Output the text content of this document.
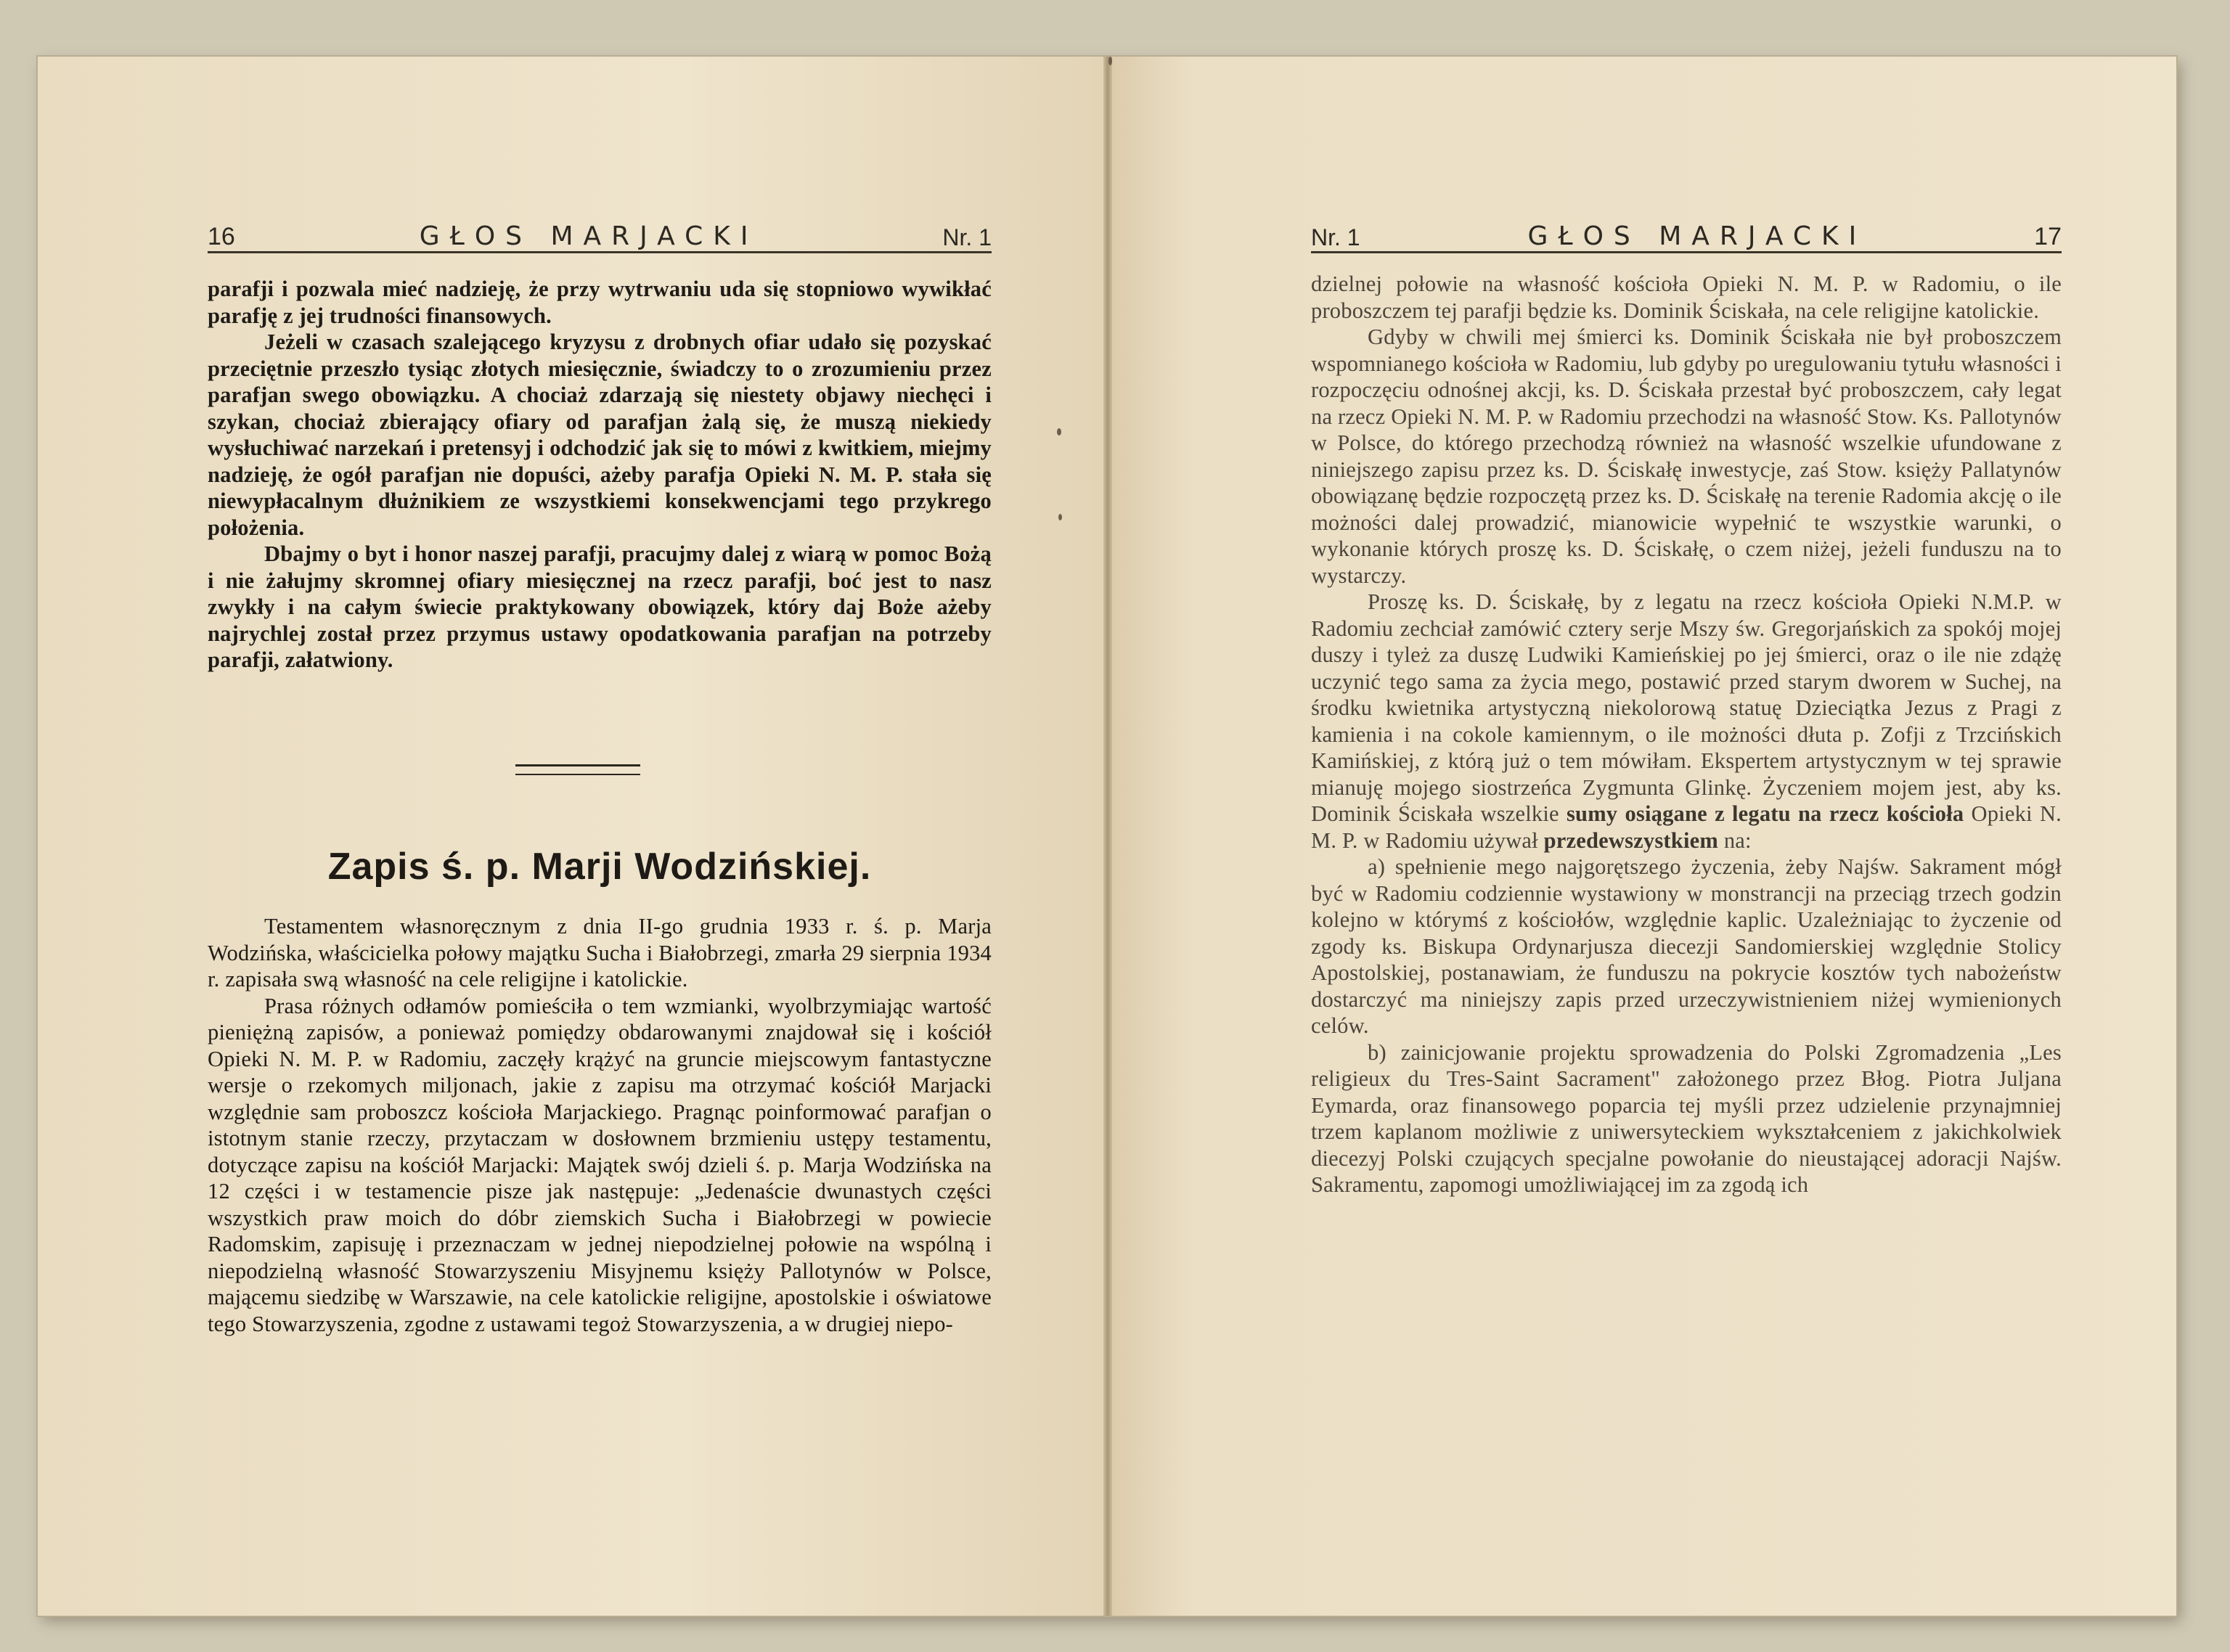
16	GŁOS MARJACKI	Nr. 1

parafji i pozwala mieć nadzieję, że przy wytrwaniu uda się stopniowo wywikłać parafję z jej trudności finansowych.

Jeżeli w czasach szalejącego kryzysu z drobnych ofiar udało się pozyskać przeciętnie przeszło tysiąc złotych miesięcznie, świadczy to o zrozumieniu przez parafjan swego obowiązku. A chociaż zdarzają się niestety objawy niechęci i szykan, chociaż zbierający ofiary od parafjan żalą się, że muszą niekiedy wysłuchiwać narzekań i pretensyj i odchodzić jak się to mówi z kwitkiem, miejmy nadzieję, że ogół parafjan nie dopuści, ażeby parafja Opieki N. M. P. stała się niewypłacalnym dłużnikiem ze wszystkiemi konsekwencjami tego przykrego położenia.

Dbajmy o byt i honor naszej parafji, pracujmy dalej z wiarą w pomoc Bożą i nie żałujmy skromnej ofiary miesięcznej na rzecz parafji, boć jest to nasz zwykły i na całym świecie praktykowany obowiązek, który daj Boże ażeby najrychlej został przez przymus ustawy opodatkowania parafjan na potrzeby parafji, załatwiony.

Zapis ś. p. Marji Wodzińskiej.

Testamentem własnoręcznym z dnia II-go grudnia 1933 r. ś. p. Marja Wodzińska, właścicielka połowy majątku Sucha i Białobrzegi, zmarła 29 sierpnia 1934 r. zapisała swą własność na cele religijne i katolickie.

Prasa różnych odłamów pomieściła o tem wzmianki, wyolbrzymiając wartość pieniężną zapisów, a ponieważ pomiędzy obdarowanymi znajdował się i kościół Opieki N. M. P. w Radomiu, zaczęły krążyć na gruncie miejscowym fantastyczne wersje o rzekomych miljonach, jakie z zapisu ma otrzymać kościół Marjacki względnie sam proboszcz kościoła Marjackiego. Pragnąc poinformować parafjan o istotnym stanie rzeczy, przytaczam w dosłownem brzmieniu ustępy testamentu, dotyczące zapisu na kościół Marjacki: Majątek swój dzieli ś. p. Marja Wodzińska na 12 części i w testamencie pisze jak następuje: „Jedenaście dwunastych części wszystkich praw moich do dóbr ziemskich Sucha i Białobrzegi w powiecie Radomskim, zapisuję i przeznaczam w jednej niepodzielnej połowie na wspólną i niepodzielną własność Stowarzyszeniu Misyjnemu księży Pallotynów w Polsce, mającemu siedzibę w Warszawie, na cele katolickie religijne, apostolskie i oświatowe tego Stowarzyszenia, zgodne z ustawami tegoż Stowarzyszenia, a w drugiej niepo-

Nr. 1	GŁOS MARJACKI	17

dzielnej połowie na własność kościoła Opieki N. M. P. w Radomiu, o ile proboszczem tej parafji będzie ks. Dominik Ściskała, na cele religijne katolickie.

Gdyby w chwili mej śmierci ks. Dominik Ściskała nie był proboszczem wspomnianego kościoła w Radomiu, lub gdyby po uregulowaniu tytułu własności i rozpoczęciu odnośnej akcji, ks. D. Ściskała przestał być proboszczem, cały legat na rzecz Opieki N. M. P. w Radomiu przechodzi na własność Stow. Ks. Pallotynów w Polsce, do którego przechodzą również na własność wszelkie ufundowane z niniejszego zapisu przez ks. D. Ściskałę inwestycje, zaś Stow. księży Pallatynów obowiązanę będzie rozpoczętą przez ks. D. Ściskałę na terenie Radomia akcję o ile możności dalej prowadzić, mianowicie wypełnić te wszystkie warunki, o wykonanie których proszę ks. D. Ściskałę, o czem niżej, jeżeli funduszu na to wystarczy.

Proszę ks. D. Ściskałę, by z legatu na rzecz kościoła Opieki N.M.P. w Radomiu zechciał zamówić cztery serje Mszy św. Gregorjańskich za spokój mojej duszy i tyleż za duszę Ludwiki Kamieńskiej po jej śmierci, oraz o ile nie zdążę uczynić tego sama za życia mego, postawić przed starym dworem w Suchej, na środku kwietnika artystyczną niekolorową statuę Dzieciątka Jezus z Pragi z kamienia i na cokole kamiennym, o ile możności dłuta p. Zofji z Trzcińskich Kamińskiej, z którą już o tem mówiłam. Ekspertem artystycznym w tej sprawie mianuję mojego siostrzeńca Zygmunta Glinkę. Życzeniem mojem jest, aby ks. Dominik Ściskała wszelkie sumy osiągane z legatu na rzecz kościoła Opieki N. M. P. w Radomiu używał przedewszystkiem na:

a) spełnienie mego najgorętszego życzenia, żeby Najśw. Sakrament mógł być w Radomiu codziennie wystawiony w monstrancji na przeciąg trzech godzin kolejno w którymś z kościołów, względnie kaplic. Uzależniając to życzenie od zgody ks. Biskupa Ordynarjusza diecezji Sandomierskiej względnie Stolicy Apostolskiej, postanawiam, że funduszu na pokrycie kosztów tych nabożeństw dostarczyć ma niniejszy zapis przed urzeczywistnieniem niżej wymienionych celów.

b) zainicjowanie projektu sprowadzenia do Polski Zgromadzenia „Les religieux du Tres-Saint Sacrament" założonego przez Błog. Piotra Juljana Eymarda, oraz finansowego poparcia tej myśli przez udzielenie przynajmniej trzem kaplanom możliwie z uniwersyteckiem wykształceniem z jakichkolwiek diecezyj Polski czujących specjalne powołanie do nieustającej adoracji Najśw. Sakramentu, zapomogi umożliwiającej im za zgodą ich
